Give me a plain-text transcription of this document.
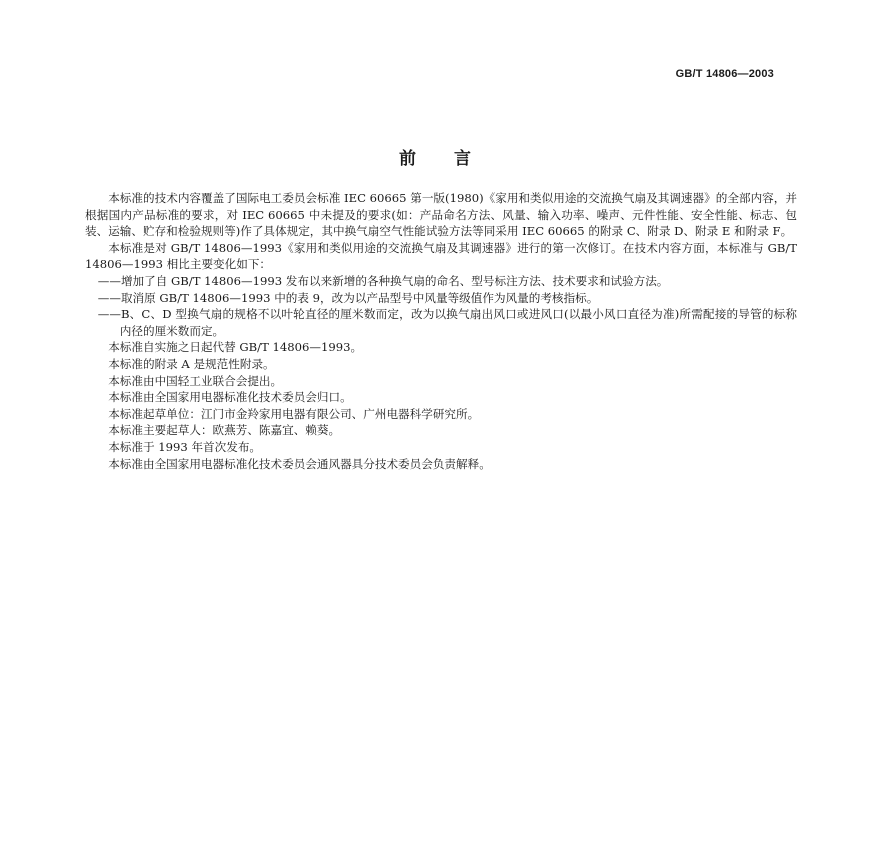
GB/T 14806—2003
前言

本标准的技术内容覆盖了国际电工委员会标准 IEC 60665 第一版(1980)《家用和类似用途的交流换气扇及其调速器》的全部内容，并根据国内产品标准的要求，对 IEC 60665 中未提及的要求(如：产品命名方法、风量、输入功率、噪声、元件性能、安全性能、标志、包装、运输、贮存和检验规则等)作了具体规定，其中换气扇空气性能试验方法等同采用 IEC 60665 的附录 C、附录 D、附录 E 和附录 F。

本标准是对 GB/T 14806—1993《家用和类似用途的交流换气扇及其调速器》进行的第一次修订。在技术内容方面，本标准与 GB/T 14806—1993 相比主要变化如下：

——增加了自 GB/T 14806—1993 发布以来新增的各种换气扇的命名、型号标注方法、技术要求和试验方法。

——取消原 GB/T 14806—1993 中的表 9，改为以产品型号中风量等级值作为风量的考核指标。

——B、C、D 型换气扇的规格不以叶轮直径的厘米数而定，改为以换气扇出风口或进风口(以最小风口直径为准)所需配接的导管的标称内径的厘米数而定。

本标准自实施之日起代替 GB/T 14806—1993。

本标准的附录 A 是规范性附录。

本标准由中国轻工业联合会提出。

本标准由全国家用电器标准化技术委员会归口。

本标准起草单位：江门市金羚家用电器有限公司、广州电器科学研究所。

本标准主要起草人：欧燕芳、陈嘉宜、赖葵。

本标准于 1993 年首次发布。

本标准由全国家用电器标准化技术委员会通风器具分技术委员会负责解释。
